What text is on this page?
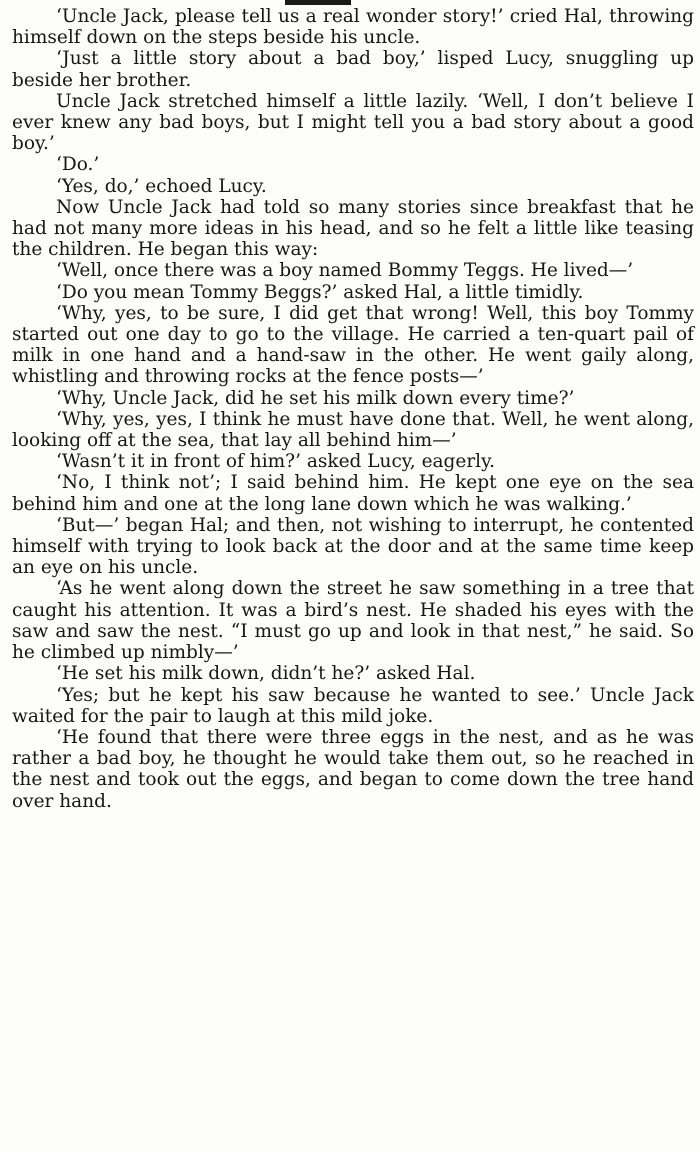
‘Uncle Jack, please tell us a real wonder story!’ cried Hal, throwing himself down on the steps beside his uncle.

‘Just a little story about a bad boy,’ lisped Lucy, snuggling up beside her brother.

Uncle Jack stretched himself a little lazily. ‘Well, I don’t believe I ever knew any bad boys, but I might tell you a bad story about a good boy.’

‘Do.’

‘Yes, do,’ echoed Lucy.

Now Uncle Jack had told so many stories since breakfast that he had not many more ideas in his head, and so he felt a little like teasing the children. He began this way:

‘Well, once there was a boy named Bommy Teggs. He lived—’

‘Do you mean Tommy Beggs?’ asked Hal, a little timidly.

‘Why, yes, to be sure, I did get that wrong! Well, this boy Tommy started out one day to go to the village. He carried a ten-quart pail of milk in one hand and a hand-saw in the other. He went gaily along, whistling and throwing rocks at the fence posts—’

‘Why, Uncle Jack, did he set his milk down every time?’

‘Why, yes, yes, I think he must have done that. Well, he went along, looking off at the sea, that lay all behind him—’

‘Wasn’t it in front of him?’ asked Lucy, eagerly.

‘No, I think not’; I said behind him. He kept one eye on the sea behind him and one at the long lane down which he was walking.’

‘But—’ began Hal; and then, not wishing to interrupt, he contented himself with trying to look back at the door and at the same time keep an eye on his uncle.

‘As he went along down the street he saw something in a tree that caught his attention. It was a bird’s nest. He shaded his eyes with the saw and saw the nest. “I must go up and look in that nest,” he said. So he climbed up nimbly—’

‘He set his milk down, didn’t he?’ asked Hal.

‘Yes; but he kept his saw because he wanted to see.’ Uncle Jack waited for the pair to laugh at this mild joke.

‘He found that there were three eggs in the nest, and as he was rather a bad boy, he thought he would take them out, so he reached in the nest and took out the eggs, and began to come down the tree hand over hand.
